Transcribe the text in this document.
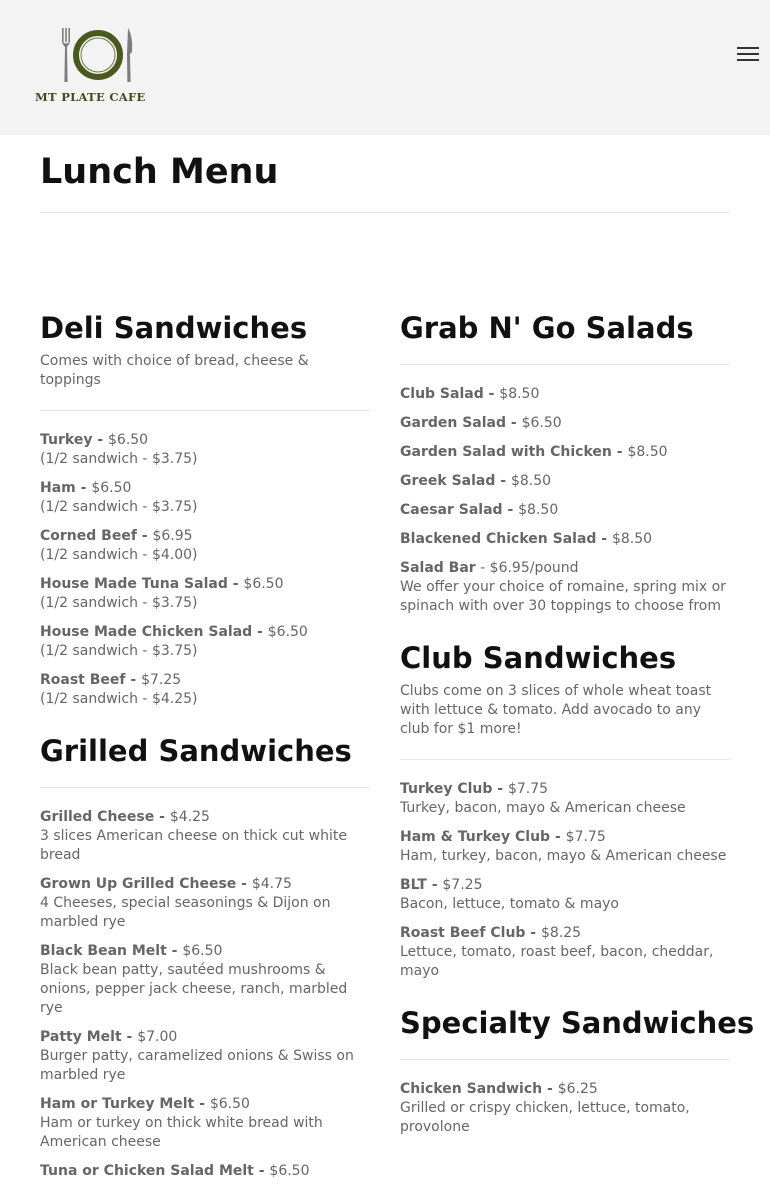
MT PLATE CAFE
Lunch Menu
Deli Sandwiches
Comes with choice of bread, cheese & toppings
Turkey - $6.50
(1/2 sandwich - $3.75)
Ham - $6.50
(1/2 sandwich - $3.75)
Corned Beef - $6.95
(1/2 sandwich - $4.00)
House Made Tuna Salad - $6.50
(1/2 sandwich - $3.75)
House Made Chicken Salad - $6.50
(1/2 sandwich - $3.75)
Roast Beef - $7.25
(1/2 sandwich - $4.25)
Grilled Sandwiches
Grilled Cheese - $4.25
3 slices American cheese on thick cut white bread
Grown Up Grilled Cheese - $4.75
4 Cheeses, special seasonings & Dijon on marbled rye
Black Bean Melt - $6.50
Black bean patty, sautéed mushrooms & onions, pepper jack cheese, ranch, marbled rye
Patty Melt - $7.00
Burger patty, caramelized onions & Swiss on marbled rye
Ham or Turkey Melt - $6.50
Ham or turkey on thick white bread with American cheese
Tuna or Chicken Salad Melt - $6.50
Grab N' Go Salads
Club Salad - $8.50
Garden Salad - $6.50
Garden Salad with Chicken - $8.50
Greek Salad - $8.50
Caesar Salad - $8.50
Blackened Chicken Salad - $8.50
Salad Bar - $6.95/pound
We offer your choice of romaine, spring mix or spinach with over 30 toppings to choose from
Club Sandwiches
Clubs come on 3 slices of whole wheat toast with lettuce & tomato. Add avocado to any club for $1 more!
Turkey Club - $7.75
Turkey, bacon, mayo & American cheese
Ham & Turkey Club - $7.75
Ham, turkey, bacon, mayo & American cheese
BLT - $7.25
Bacon, lettuce, tomato & mayo
Roast Beef Club - $8.25
Lettuce, tomato, roast beef, bacon, cheddar, mayo
Specialty Sandwiches
Chicken Sandwich - $6.25
Grilled or crispy chicken, lettuce, tomato, provolone
